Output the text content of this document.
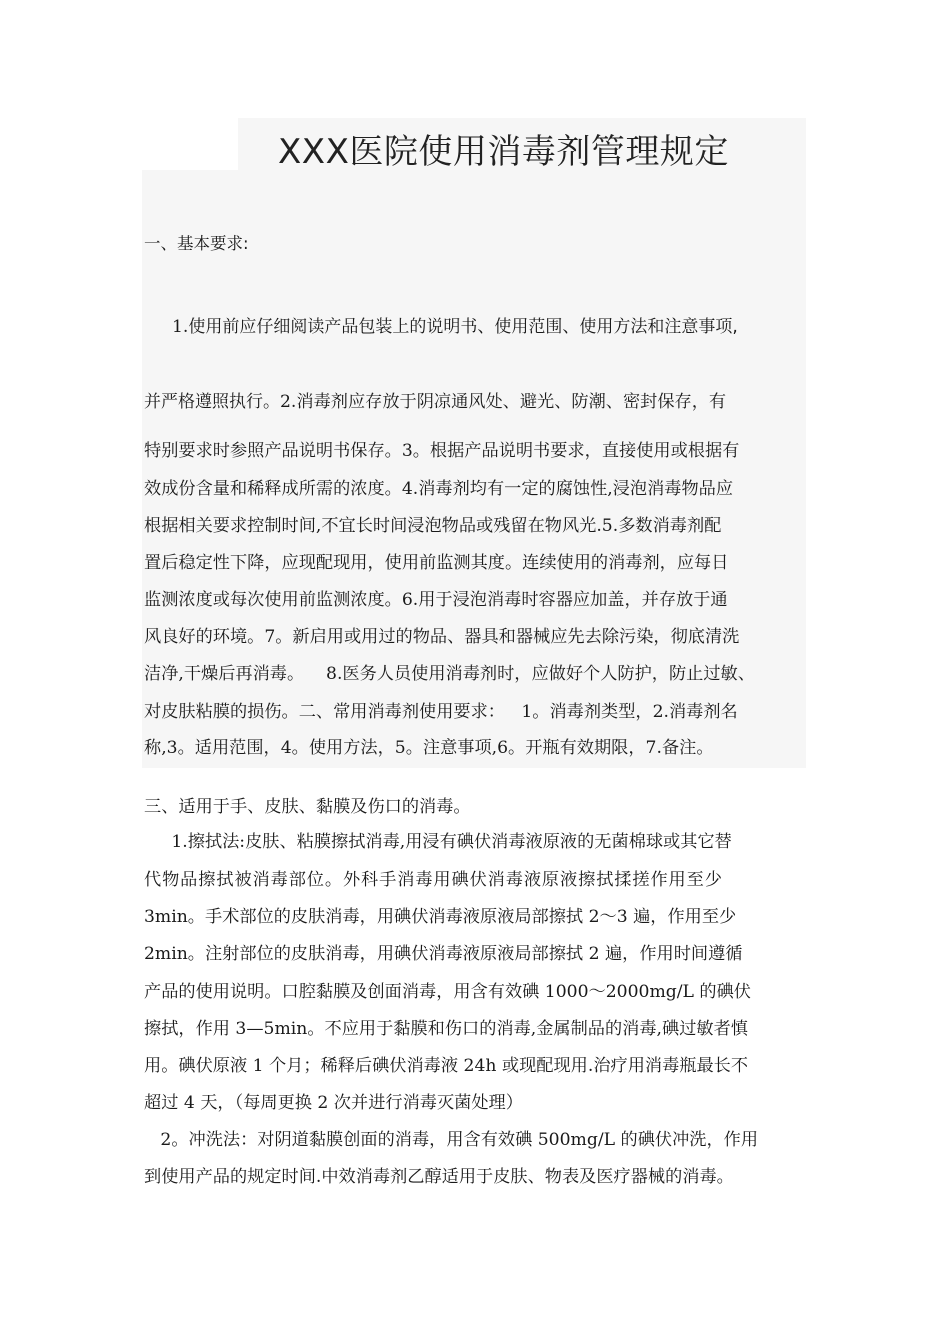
XXX医院使用消毒剂管理规定
一、基本要求:
1.使用前应仔细阅读产品包装上的说明书、使用范围、使用方法和注意事项,
并严格遵照执行。2.消毒剂应存放于阴凉通风处、避光、防潮、密封保存，有
特别要求时参照产品说明书保存。3。根据产品说明书要求，直接使用或根据有
效成份含量和稀释成所需的浓度。4.消毒剂均有一定的腐蚀性,浸泡消毒物品应
根据相关要求控制时间,不宜长时间浸泡物品或残留在物风光.5.多数消毒剂配
置后稳定性下降，应现配现用，使用前监测其度。连续使用的消毒剂，应每日
监测浓度或每次使用前监测浓度。6.用于浸泡消毒时容器应加盖，并存放于通
风良好的环境。7。新启用或用过的物品、器具和器械应先去除污染，彻底清洗
洁净,干燥后再消毒。    8.医务人员使用消毒剂时，应做好个人防护，防止过敏、
对皮肤粘膜的损伤。二、常用消毒剂使用要求：   1。消毒剂类型，2.消毒剂名
称,3。适用范围，4。使用方法，5。注意事项,6。开瓶有效期限，7.备注。
三、适用于手、皮肤、黏膜及伤口的消毒。
1.擦拭法:皮肤、粘膜擦拭消毒,用浸有碘伏消毒液原液的无菌棉球或其它替
代物品擦拭被消毒部位。外科手消毒用碘伏消毒液原液擦拭揉搓作用至少
3min。手术部位的皮肤消毒，用碘伏消毒液原液局部擦拭 2～3 遍，作用至少
2min。注射部位的皮肤消毒，用碘伏消毒液原液局部擦拭 2 遍，作用时间遵循
产品的使用说明。口腔黏膜及创面消毒，用含有效碘 1000～2000mg/L 的碘伏
擦拭，作用 3—5min。不应用于黏膜和伤口的消毒,金属制品的消毒,碘过敏者慎
用。碘伏原液 1 个月；稀释后碘伏消毒液 24h 或现配现用.治疗用消毒瓶最长不
超过 4 天，（每周更换 2 次并进行消毒灭菌处理）
2。冲洗法：对阴道黏膜创面的消毒，用含有效碘 500mg/L 的碘伏冲洗，作用
到使用产品的规定时间.中效消毒剂乙醇适用于皮肤、物表及医疗器械的消毒。
